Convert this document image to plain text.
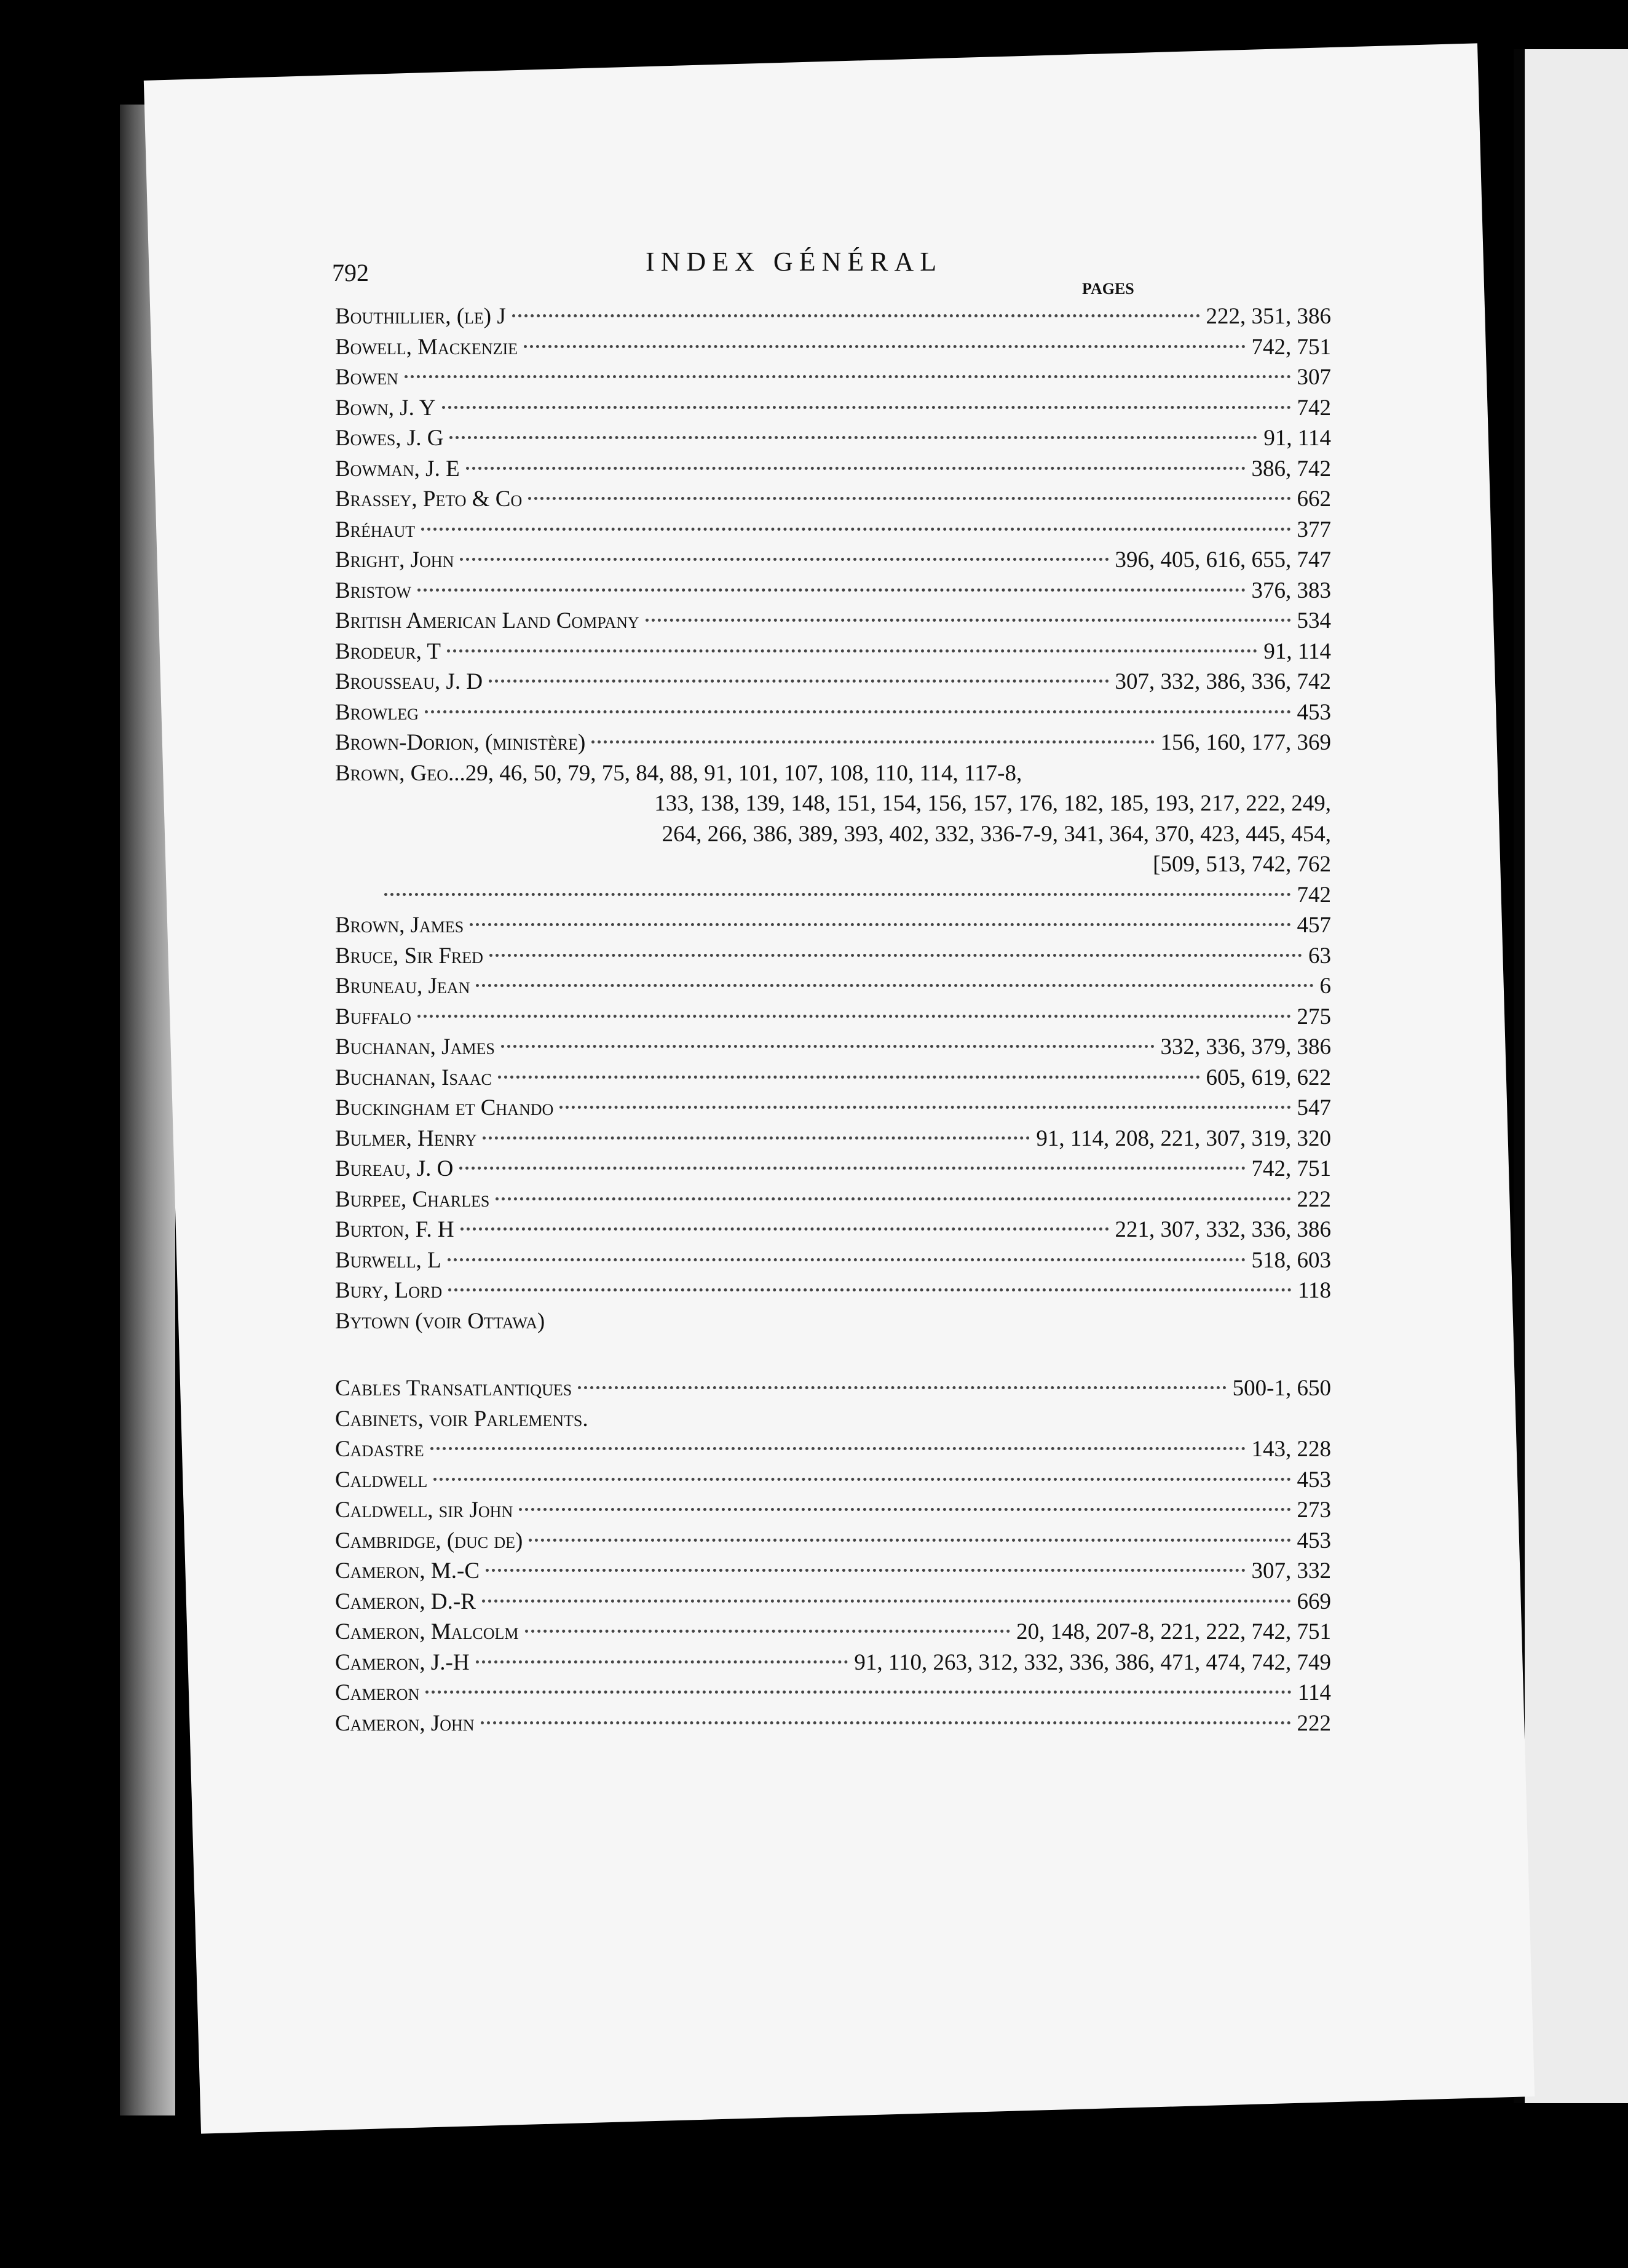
792	INDEX GÉNÉRAL
PAGES
Bouthillier, (le) J	222, 351, 386
Bowell, Mackenzie	742, 751
Bowen	307
Bown, J. Y	742
Bowes, J. G	91, 114
Bowman, J. E	386, 742
Brassey, Peto & Co	662
Bréhaut	377
Bright, John	396, 405, 616, 655, 747
Bristow	376, 383
British American Land Company	534
Brodeur, T	91, 114
Brousseau, J. D	307, 332, 386, 336, 742
Browleg	453
Brown-Dorion, (ministère)	156, 160, 177, 369
Brown, Geo... 29, 46, 50, 79, 75, 84, 88, 91, 101, 107, 108, 110, 114, 117-8,
133, 138, 139, 148, 151, 154, 156, 157, 176, 182, 185, 193, 217, 222, 249,
264, 266, 386, 389, 393, 402, 332, 336-7-9, 341, 364, 370, 423, 445, 454,
[509, 513, 742, 762
742
Brown, James	457
Bruce, Sir Fred	63
Bruneau, Jean	6
Buffalo	275
Buchanan, James	332, 336, 379, 386
Buchanan, Isaac	605, 619, 622
Buckingham et Chando	547
Bulmer, Henry	91, 114, 208, 221, 307, 319, 320
Bureau, J. O	742, 751
Burpee, Charles	222
Burton, F. H	221, 307, 332, 336, 386
Burwell, L	518, 603
Bury, Lord	118
Bytown (voir Ottawa)
Cables Transatlantiques	500-1, 650
Cabinets, voir Parlements.
Cadastre	143, 228
Caldwell	453
Caldwell, sir John	273
Cambridge, (duc de)	453
Cameron, M.-C	307, 332
Cameron, D.-R	669
Cameron, Malcolm	20, 148, 207-8, 221, 222, 742, 751
Cameron, J.-H	91, 110, 263, 312, 332, 336, 386, 471, 474, 742, 749
Cameron	114
Cameron, John	222
